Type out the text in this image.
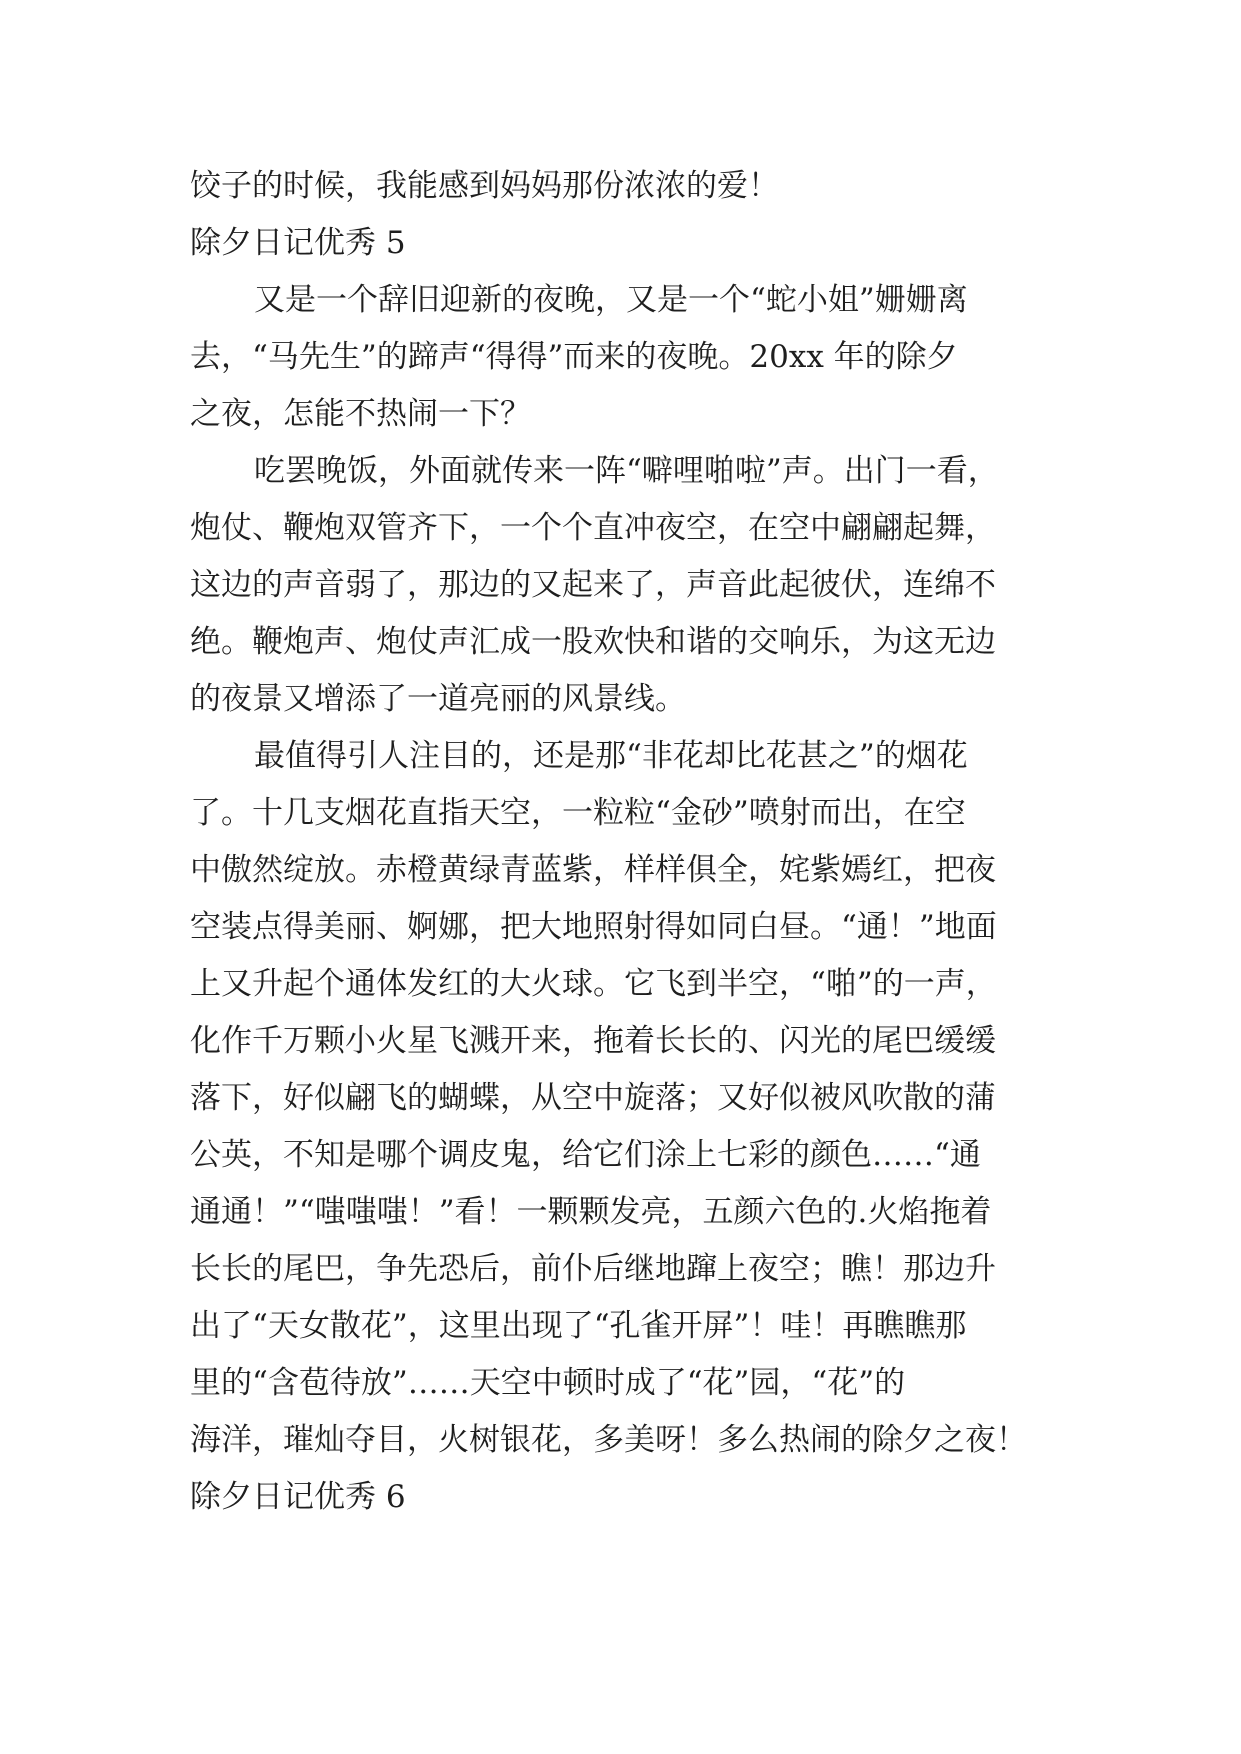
饺子的时候，我能感到妈妈那份浓浓的爱！

除夕日记优秀 5

又是一个辞旧迎新的夜晚，又是一个“蛇小姐”姗姗离

去，“马先生”的蹄声“得得”而来的夜晚。20xx 年的除夕

之夜，怎能不热闹一下？

吃罢晚饭，外面就传来一阵“噼哩啪啦”声。出门一看，

炮仗、鞭炮双管齐下，一个个直冲夜空，在空中翩翩起舞，

这边的声音弱了，那边的又起来了，声音此起彼伏，连绵不

绝。鞭炮声、炮仗声汇成一股欢快和谐的交响乐，为这无边

的夜景又增添了一道亮丽的风景线。

最值得引人注目的，还是那“非花却比花甚之”的烟花

了。十几支烟花直指天空，一粒粒“金砂”喷射而出，在空

中傲然绽放。赤橙黄绿青蓝紫，样样俱全，姹紫嫣红，把夜

空装点得美丽、婀娜，把大地照射得如同白昼。“通！”地面

上又升起个通体发红的大火球。它飞到半空，“啪”的一声，

化作千万颗小火星飞溅开来，拖着长长的、闪光的尾巴缓缓

落下，好似翩飞的蝴蝶，从空中旋落；又好似被风吹散的蒲

公英，不知是哪个调皮鬼，给它们涂上七彩的颜色……“通

通通！”“嗤嗤嗤！”看！一颗颗发亮，五颜六色的.火焰拖着

长长的尾巴，争先恐后，前仆后继地蹿上夜空；瞧！那边升

出了“天女散花”，这里出现了“孔雀开屏”！哇！再瞧瞧那

里的“含苞待放”……天空中顿时成了“花”园，“花”的

海洋，璀灿夺目，火树银花，多美呀！多么热闹的除夕之夜！

除夕日记优秀 6
